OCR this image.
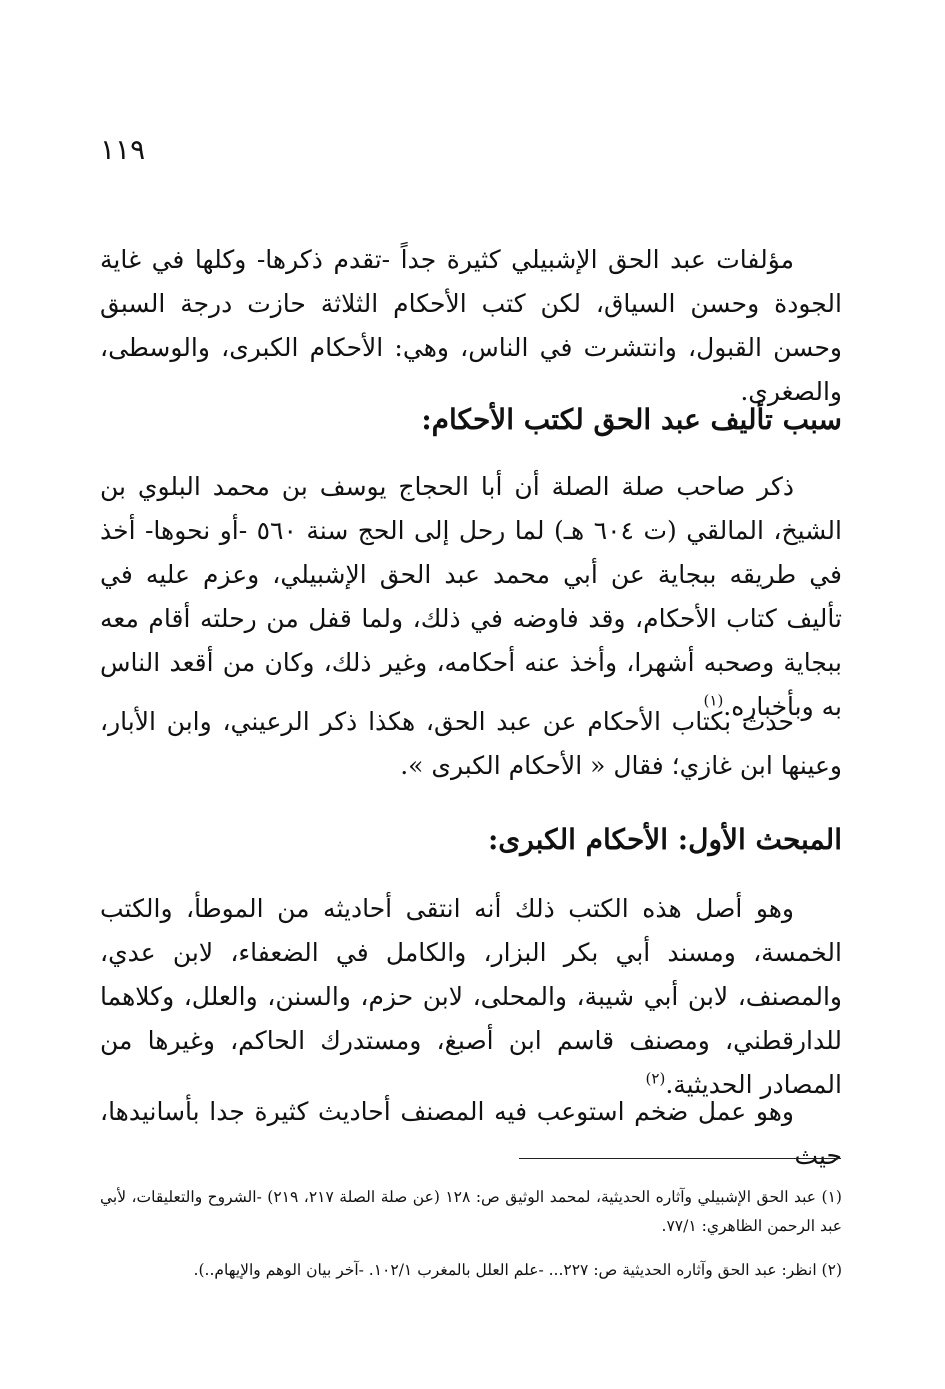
١١٩
مؤلفات عبد الحق الإشبيلي كثيرة جداً -تقدم ذكرها- وكلها في غاية الجودة وحسن السياق، لكن كتب الأحكام الثلاثة حازت درجة السبق وحسن القبول، وانتشرت في الناس، وهي: الأحكام الكبرى، والوسطى، والصغرى.
سبب تأليف عبد الحق لكتب الأحكام:
ذكر صاحب صلة الصلة أن أبا الحجاج يوسف بن محمد البلوي بن الشيخ، المالقي (ت ٦٠٤ هـ) لما رحل إلى الحج سنة ٥٦٠ -أو نحوها- أخذ في طريقه ببجاية عن أبي محمد عبد الحق الإشبيلي، وعزم عليه في تأليف كتاب الأحكام، وقد فاوضه في ذلك، ولما قفل من رحلته أقام معه ببجاية وصحبه أشهرا، وأخذ عنه أحكامه، وغير ذلك، وكان من أقعد الناس به وبأخباره.$^{(١)}$
حدث بكتاب الأحكام عن عبد الحق، هكذا ذكر الرعيني، وابن الأبار، وعينها ابن غازي؛ فقال « الأحكام الكبرى ».
المبحث الأول: الأحكام الكبرى:
وهو أصل هذه الكتب ذلك أنه انتقى أحاديثه من الموطأ، والكتب الخمسة، ومسند أبي بكر البزار، والكامل في الضعفاء، لابن عدي، والمصنف، لابن أبي شيبة، والمحلى، لابن حزم، والسنن، والعلل، وكلاهما للدارقطني، ومصنف قاسم ابن أصبغ، ومستدرك الحاكم، وغيرها من المصادر الحديثية.$^{(٢)}$
وهو عمل ضخم استوعب فيه المصنف أحاديث كثيرة جدا بأسانيدها، حيث
(١) عبد الحق الإشبيلي وآثاره الحديثية، لمحمد الوثيق ص: ١٢٨ (عن صلة الصلة ٢١٧، ٢١٩) -الشروح والتعليقات، لأبي عبد الرحمن الظاهري: ٧٧/١.
(٢) انظر: عبد الحق وآثاره الحديثية ص: ٢٢٧... -علم العلل بالمغرب ١٠٢/١. -آخر بيان الوهم والإيهام..).
